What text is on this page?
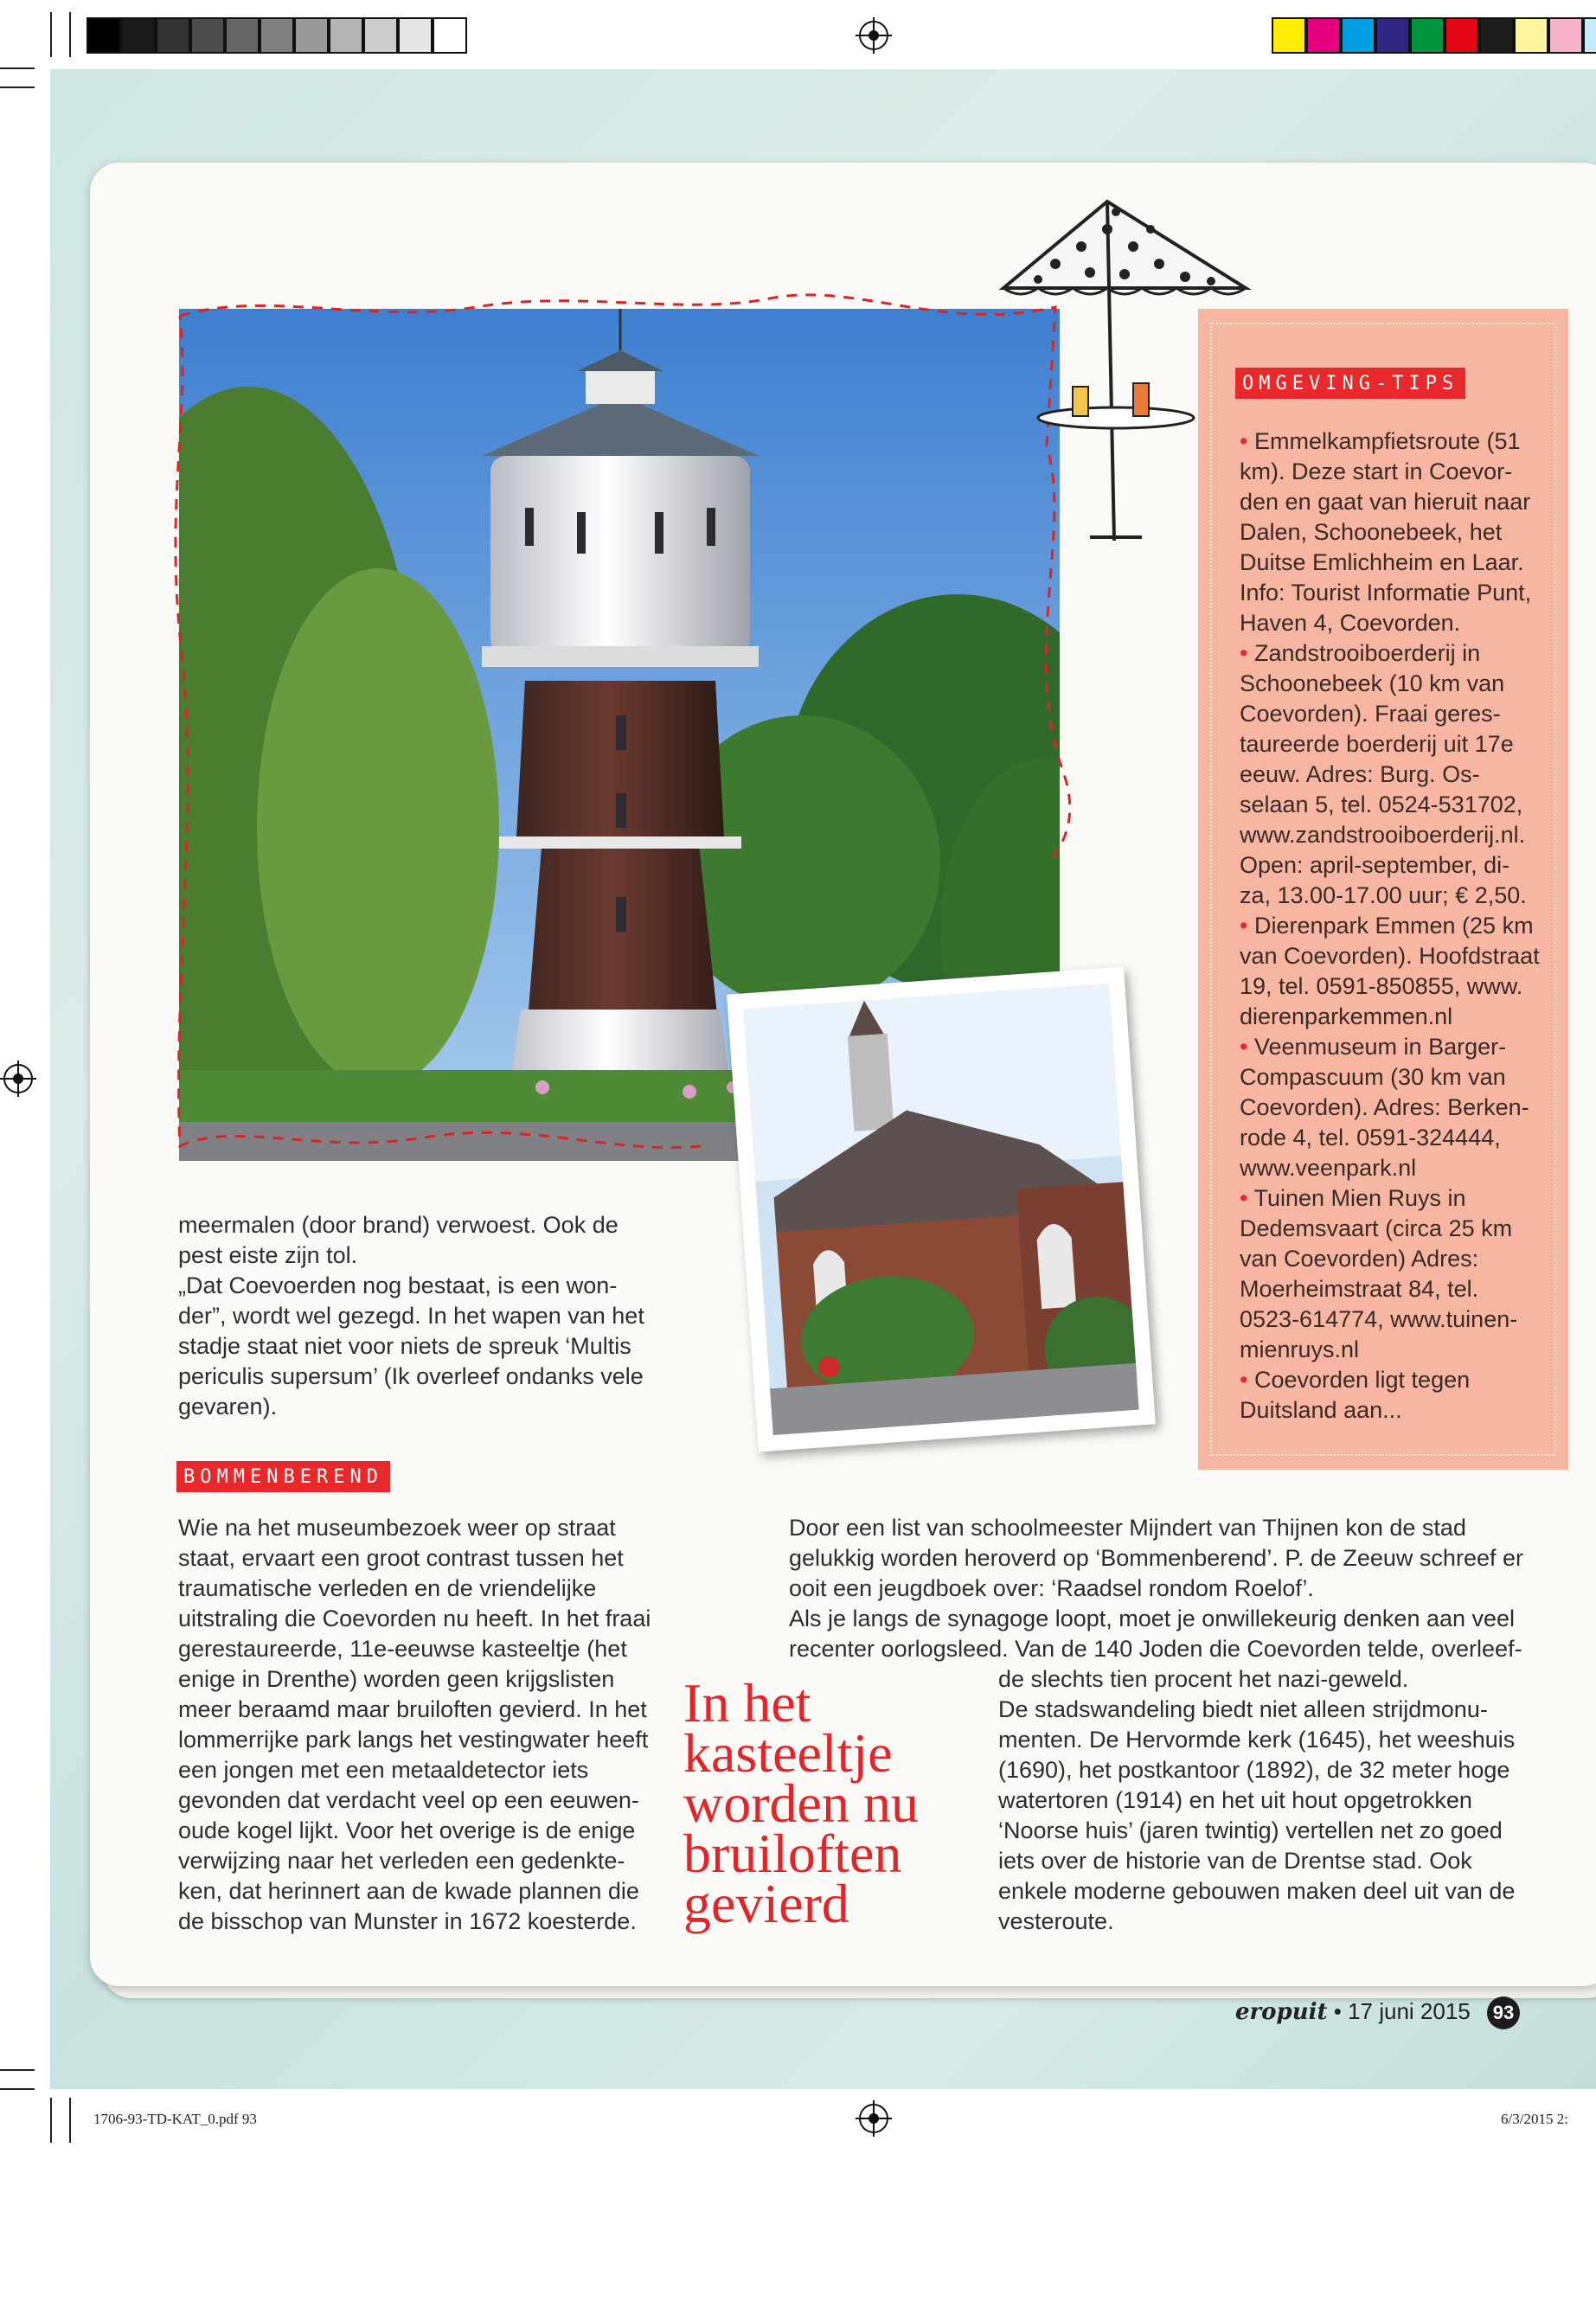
1706-93-TD-KAT_0.pdf 93	6/3/2015 2:
OMGEVING-TIPS
• Emmelkampfietsroute (51
km). Deze start in Coevor-
den en gaat van hieruit naar
Dalen, Schoonebeek, het
Duitse Emlichheim en Laar.
Info: Tourist Informatie Punt,
Haven 4, Coevorden.
• Zandstrooiboerderij in
Schoonebeek (10 km van
Coevorden). Fraai geres-
taureerde boerderij uit 17e
eeuw. Adres: Burg. Os-
selaan 5, tel. 0524-531702,
www.zandstrooiboerderij.nl.
Open: april-september, di-
za, 13.00-17.00 uur; € 2,50.
• Dierenpark Emmen (25 km
van Coevorden). Hoofdstraat
19, tel. 0591-850855, www.
dierenparkemmen.nl
• Veenmuseum in Barger-
Compascuum (30 km van
Coevorden). Adres: Berken-
rode 4, tel. 0591-324444,
www.veenpark.nl
• Tuinen Mien Ruys in
Dedemsvaart (circa 25 km
van Coevorden) Adres:
Moerheimstraat 84, tel.
0523-614774, www.tuinen-
mienruys.nl
• Coevorden ligt tegen
Duitsland aan...
meermalen (door brand) verwoest. Ook de
pest eiste zijn tol.
„Dat Coevoerden nog bestaat, is een won-
der”, wordt wel gezegd. In het wapen van het
stadje staat niet voor niets de spreuk ‘Multis
periculis supersum’ (Ik overleef ondanks vele
gevaren).
BOMMENBEREND
Wie na het museumbezoek weer op straat
staat, ervaart een groot contrast tussen het
traumatische verleden en de vriendelijke
uitstraling die Coevorden nu heeft. In het fraai
gerestaureerde, 11e-eeuwse kasteeltje (het
enige in Drenthe) worden geen krijgslisten
meer beraamd maar bruiloften gevierd. In het
lommerrijke park langs het vestingwater heeft
een jongen met een metaaldetector iets
gevonden dat verdacht veel op een eeuwen-
oude kogel lijkt. Voor het overige is de enige
verwijzing naar het verleden een gedenkte-
ken, dat herinnert aan de kwade plannen die
de bisschop van Munster in 1672 koesterde.
Door een list van schoolmeester Mijndert van Thijnen kon de stad
gelukkig worden heroverd op ‘Bommenberend’. P. de Zeeuw schreef er
ooit een jeugdboek over: ‘Raadsel rondom Roelof’.
Als je langs de synagoge loopt, moet je onwillekeurig denken aan veel
recenter oorlogsleed. Van de 140 Joden die Coevorden telde, overleef-
de slechts tien procent het nazi-geweld.
De stadswandeling biedt niet alleen strijdmonu-
menten. De Hervormde kerk (1645), het weeshuis
(1690), het postkantoor (1892), de 32 meter hoge
watertoren (1914) en het uit hout opgetrokken
‘Noorse huis’ (jaren twintig) vertellen net zo goed
iets over de historie van de Drentse stad. Ook
enkele moderne gebouwen maken deel uit van de
vesteroute.
In het
kasteeltje
worden nu
bruiloften
gevierd
eropuit • 17 juni 2015 93
